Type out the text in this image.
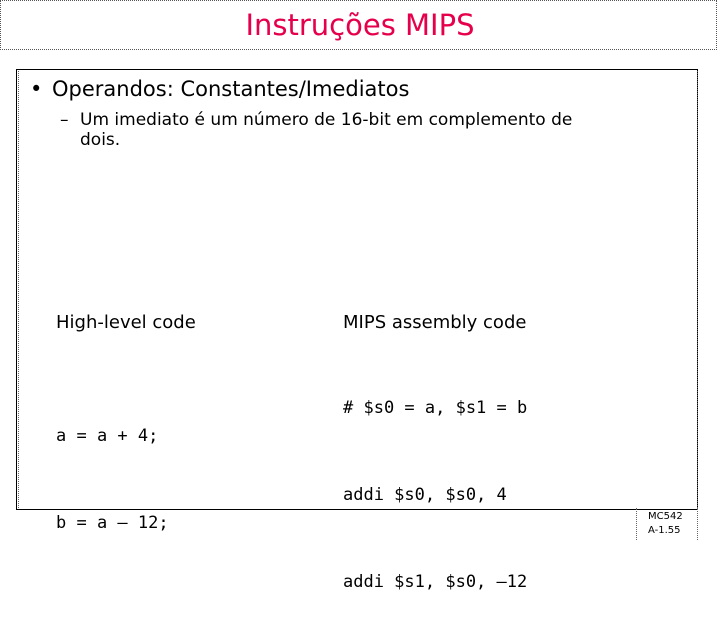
Instruções MIPS
• Operandos: Constantes/Imediatos
– Um imediato é um número de 16-bit em complemento de
dois.
High-level code	MIPS assembly code

a = a + 4;

b = a – 12;

# $s0 = a, $s1 = b

addi $s0, $s0, 4

addi $s1, $s0, –12

MC542
A-1.55
